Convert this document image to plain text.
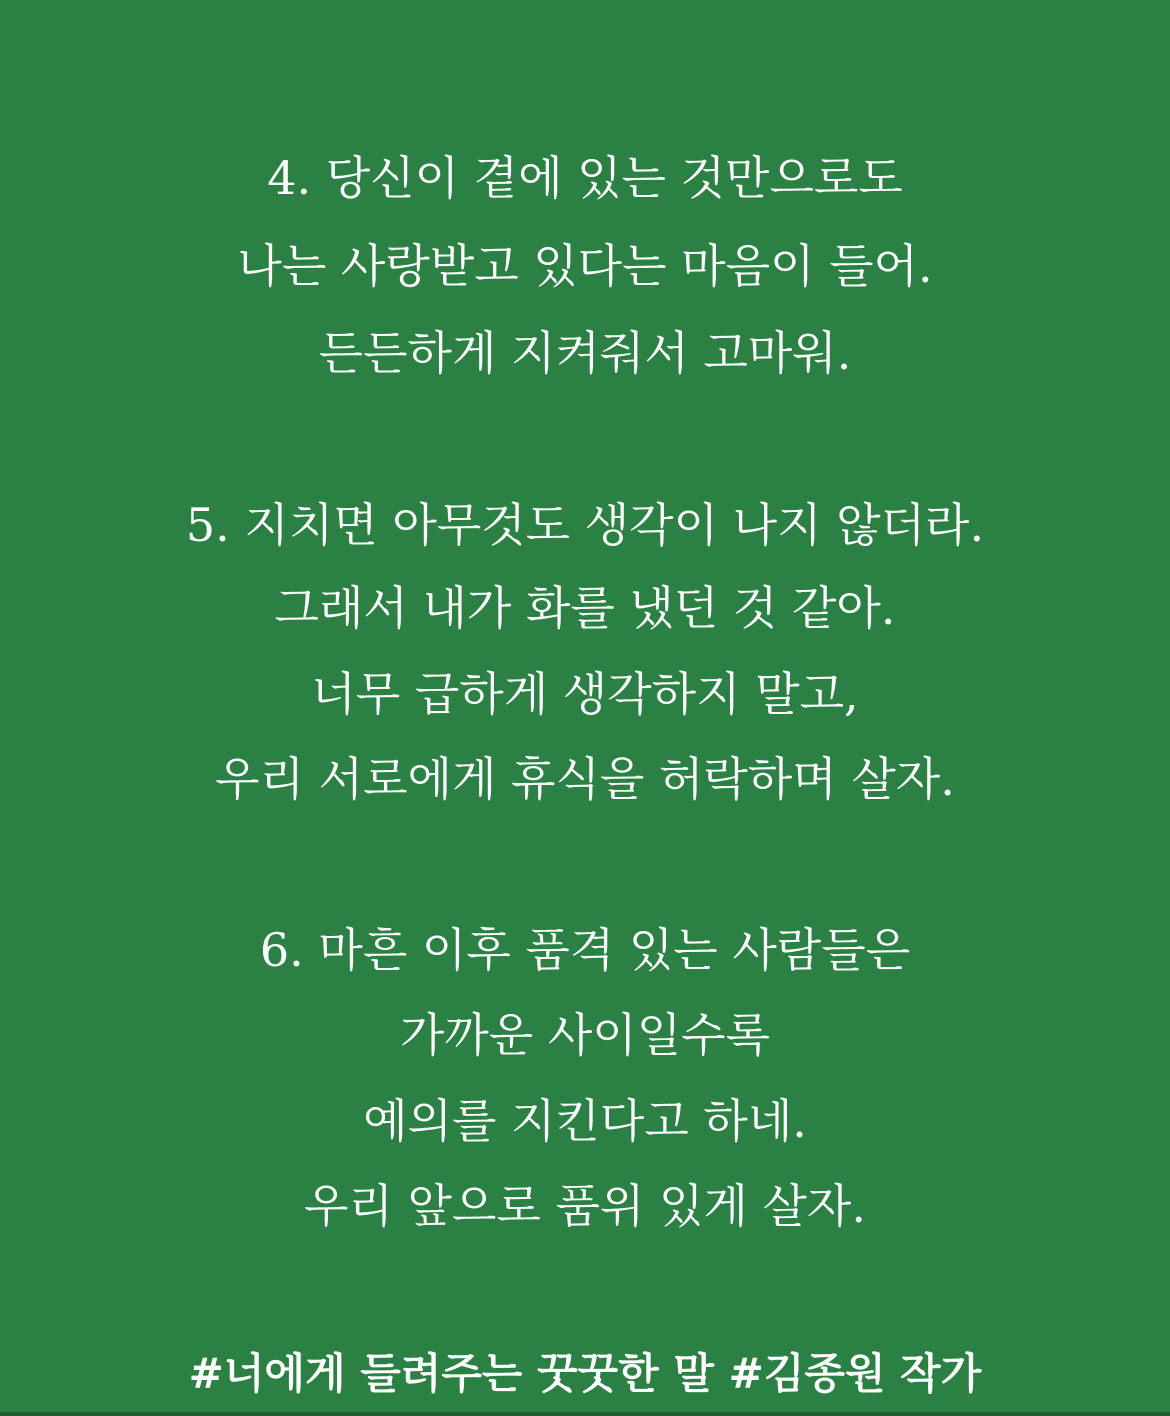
4. 당신이 곁에 있는 것만으로도
나는 사랑받고 있다는 마음이 들어.
든든하게 지켜줘서 고마워.
5. 지치면 아무것도 생각이 나지 않더라.
그래서 내가 화를 냈던 것 같아.
너무 급하게 생각하지 말고,
우리 서로에게 휴식을 허락하며 살자.
6. 마흔 이후 품격 있는 사람들은
가까운 사이일수록
예의를 지킨다고 하네.
우리 앞으로 품위 있게 살자.
#너에게 들려주는 꿋꿋한 말 #김종원 작가
